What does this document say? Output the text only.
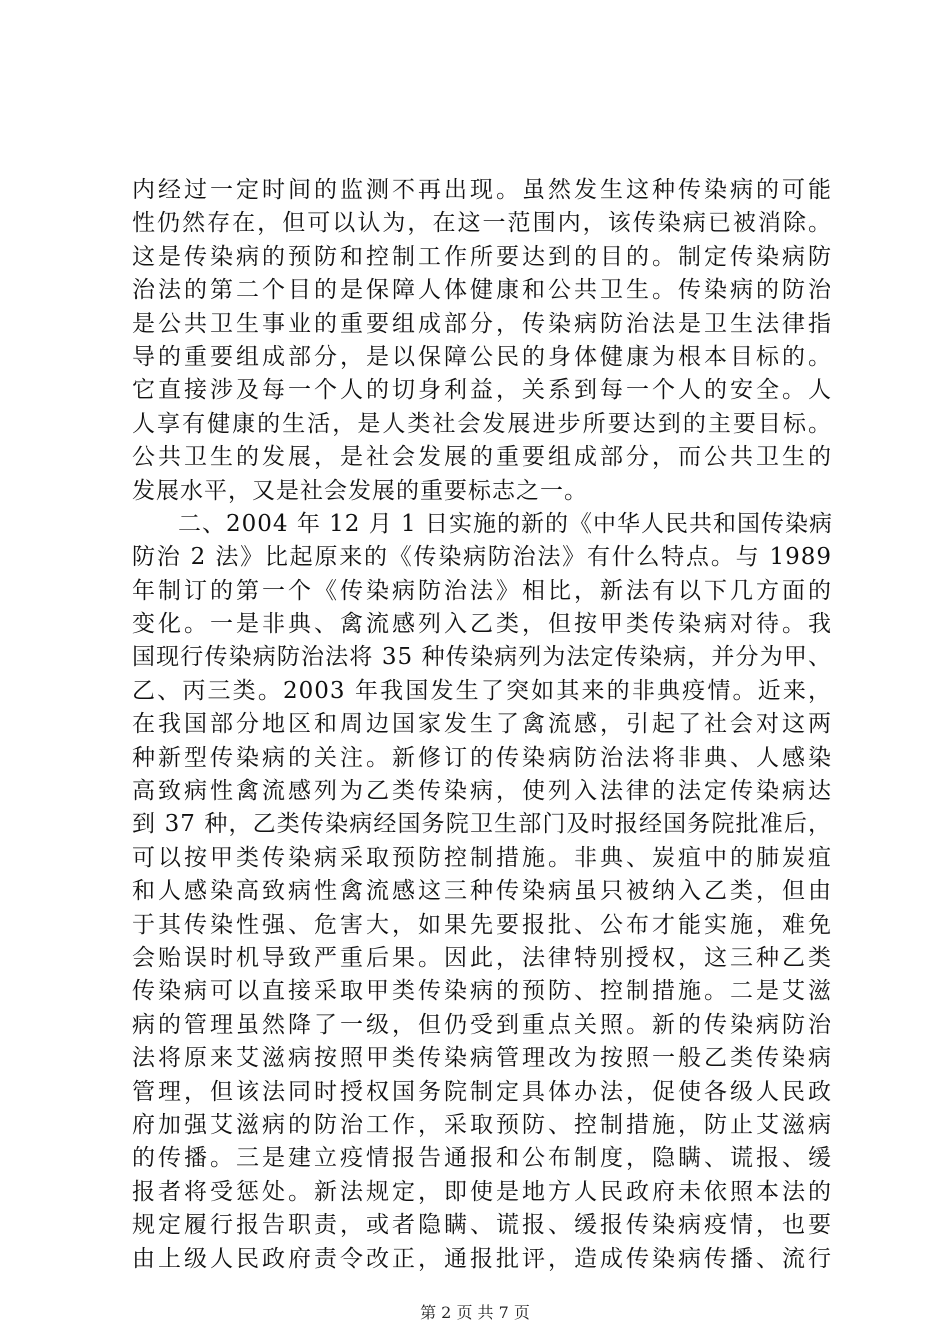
内经过一定时间的监测不再出现。虽然发生这种传染病的可能
性仍然存在，但可以认为，在这一范围内，该传染病已被消除。
这是传染病的预防和控制工作所要达到的目的。制定传染病防
治法的第二个目的是保障人体健康和公共卫生。传染病的防治
是公共卫生事业的重要组成部分，传染病防治法是卫生法律指
导的重要组成部分，是以保障公民的身体健康为根本目标的。
它直接涉及每一个人的切身利益，关系到每一个人的安全。人
人享有健康的生活，是人类社会发展进步所要达到的主要目标。
公共卫生的发展，是社会发展的重要组成部分，而公共卫生的
发展水平，又是社会发展的重要标志之一。
二、2004 年 12 月 1 日实施的新的《中华人民共和国传染病
防治 2 法》比起原来的《传染病防治法》有什么特点。与 1989
年制订的第一个《传染病防治法》相比，新法有以下几方面的
变化。一是非典、禽流感列入乙类，但按甲类传染病对待。我
国现行传染病防治法将 35 种传染病列为法定传染病，并分为甲、
乙、丙三类。2003 年我国发生了突如其来的非典疫情。近来，
在我国部分地区和周边国家发生了禽流感，引起了社会对这两
种新型传染病的关注。新修订的传染病防治法将非典、人感染
高致病性禽流感列为乙类传染病，使列入法律的法定传染病达
到 37 种，乙类传染病经国务院卫生部门及时报经国务院批准后，
可以按甲类传染病采取预防控制措施。非典、炭疽中的肺炭疽
和人感染高致病性禽流感这三种传染病虽只被纳入乙类，但由
于其传染性强、危害大，如果先要报批、公布才能实施，难免
会贻误时机导致严重后果。因此，法律特别授权，这三种乙类
传染病可以直接采取甲类传染病的预防、控制措施。二是艾滋
病的管理虽然降了一级，但仍受到重点关照。新的传染病防治
法将原来艾滋病按照甲类传染病管理改为按照一般乙类传染病
管理，但该法同时授权国务院制定具体办法，促使各级人民政
府加强艾滋病的防治工作，采取预防、控制措施，防止艾滋病
的传播。三是建立疫情报告通报和公布制度，隐瞒、谎报、缓
报者将受惩处。新法规定，即使是地方人民政府未依照本法的
规定履行报告职责，或者隐瞒、谎报、缓报传染病疫情，也要
由上级人民政府责令改正，通报批评，造成传染病传播、流行
第 2 页 共 7 页
